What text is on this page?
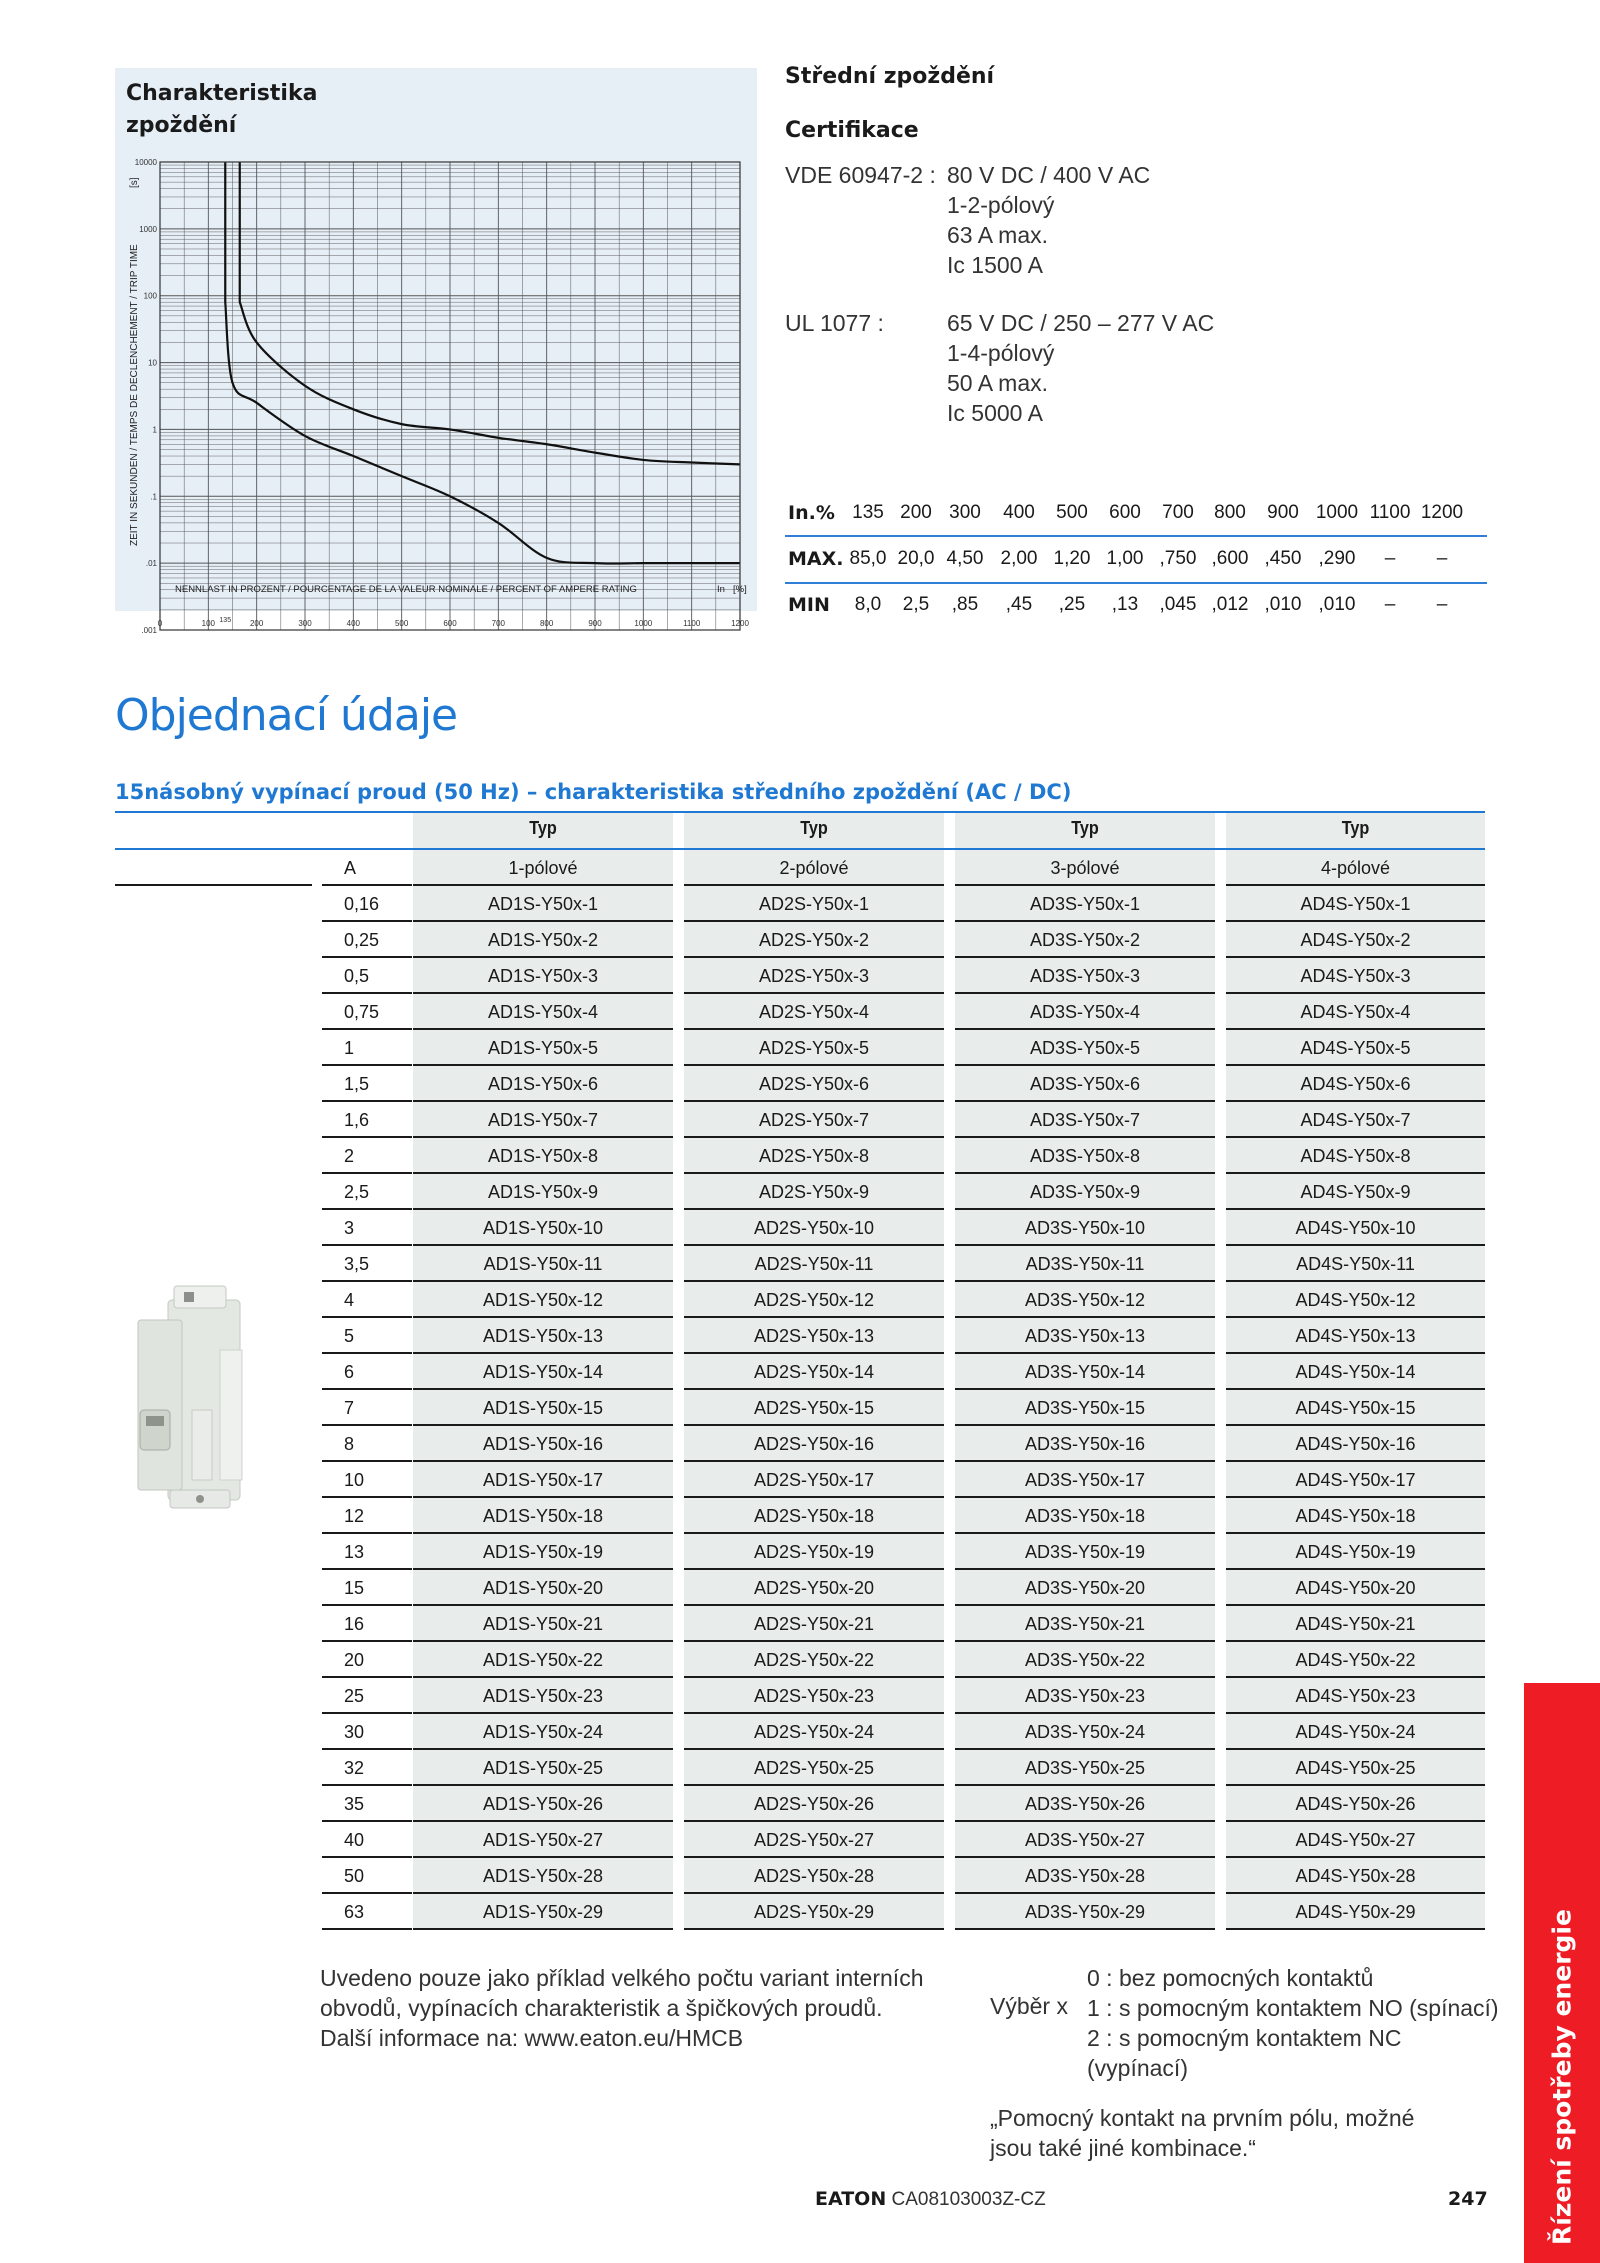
Charakteristika
zpoždění
.001
.01
.1
1
10
100
1000
10000
0	100 135 200	300	400	500	600	700	800	900	1000	1100	1200
ZEIT IN SEKUNDEN / TEMPS DE DECLENCHEMENT / TRIP TIME
[s]
NENNLAST IN PROZENT / POURCENTAGE DE LA VALEUR NOMINALE / PERCENT OF AMPERE RATING	In [%]
Střední zpoždění
Certifikace
VDE 60947-2 : 80 V DC / 400 V AC
1-2-pólový
63 A max.
Ic 1500 A
UL 1077 :	65 V DC / 250 – 277 V AC
1-4-pólový
50 A max.
Ic 5000 A
In.% 135 200 300	400	500	600	700	800	900 1000 1100 1200
MAX. 85,0 20,0 4,50 2,00 1,20 1,00 ,750 ,600 ,450 ,290	–	–
MIN	8,0	2,5	,85	,45	,25	,13	,045 ,012 ,010 ,010	–	–
Objednací údaje
15násobný vypínací proud (50 Hz) – charakteristika středního zpoždění (AC / DC)
Typ	Typ	Typ	Typ
A	1-pólové	2-pólové	3-pólové	4-pólové
0,16	AD1S-Y50x-1	AD2S-Y50x-1	AD3S-Y50x-1	AD4S-Y50x-1
0,25	AD1S-Y50x-2	AD2S-Y50x-2	AD3S-Y50x-2	AD4S-Y50x-2
0,5	AD1S-Y50x-3	AD2S-Y50x-3	AD3S-Y50x-3	AD4S-Y50x-3
0,75	AD1S-Y50x-4	AD2S-Y50x-4	AD3S-Y50x-4	AD4S-Y50x-4
1	AD1S-Y50x-5	AD2S-Y50x-5	AD3S-Y50x-5	AD4S-Y50x-5
1,5	AD1S-Y50x-6	AD2S-Y50x-6	AD3S-Y50x-6	AD4S-Y50x-6
1,6	AD1S-Y50x-7	AD2S-Y50x-7	AD3S-Y50x-7	AD4S-Y50x-7
2	AD1S-Y50x-8	AD2S-Y50x-8	AD3S-Y50x-8	AD4S-Y50x-8
2,5	AD1S-Y50x-9	AD2S-Y50x-9	AD3S-Y50x-9	AD4S-Y50x-9
3	AD1S-Y50x-10	AD2S-Y50x-10	AD3S-Y50x-10	AD4S-Y50x-10
3,5	AD1S-Y50x-11	AD2S-Y50x-11	AD3S-Y50x-11	AD4S-Y50x-11
4	AD1S-Y50x-12	AD2S-Y50x-12	AD3S-Y50x-12	AD4S-Y50x-12
5	AD1S-Y50x-13	AD2S-Y50x-13	AD3S-Y50x-13	AD4S-Y50x-13
6	AD1S-Y50x-14	AD2S-Y50x-14	AD3S-Y50x-14	AD4S-Y50x-14
7	AD1S-Y50x-15	AD2S-Y50x-15	AD3S-Y50x-15	AD4S-Y50x-15
8	AD1S-Y50x-16	AD2S-Y50x-16	AD3S-Y50x-16	AD4S-Y50x-16
10	AD1S-Y50x-17	AD2S-Y50x-17	AD3S-Y50x-17	AD4S-Y50x-17
12	AD1S-Y50x-18	AD2S-Y50x-18	AD3S-Y50x-18	AD4S-Y50x-18
13	AD1S-Y50x-19	AD2S-Y50x-19	AD3S-Y50x-19	AD4S-Y50x-19
15	AD1S-Y50x-20	AD2S-Y50x-20	AD3S-Y50x-20	AD4S-Y50x-20
16	AD1S-Y50x-21	AD2S-Y50x-21	AD3S-Y50x-21	AD4S-Y50x-21
20	AD1S-Y50x-22	AD2S-Y50x-22	AD3S-Y50x-22	AD4S-Y50x-22
25	AD1S-Y50x-23	AD2S-Y50x-23	AD3S-Y50x-23	AD4S-Y50x-23
30	AD1S-Y50x-24	AD2S-Y50x-24	AD3S-Y50x-24	AD4S-Y50x-24
32	AD1S-Y50x-25	AD2S-Y50x-25	AD3S-Y50x-25	AD4S-Y50x-25
35	AD1S-Y50x-26	AD2S-Y50x-26	AD3S-Y50x-26	AD4S-Y50x-26
40	AD1S-Y50x-27	AD2S-Y50x-27	AD3S-Y50x-27	AD4S-Y50x-27
50	AD1S-Y50x-28	AD2S-Y50x-28	AD3S-Y50x-28	AD4S-Y50x-28
63	AD1S-Y50x-29	AD2S-Y50x-29	AD3S-Y50x-29	AD4S-Y50x-29
Uvedeno pouze jako příklad velkého počtu variant interních
obvodů, vypínacích charakteristik a špičkových proudů.
Další informace na: www.eaton.eu/HMCB
Výběr x
0 : bez pomocných kontaktů
1 : s pomocným kontaktem NO (spínací)
2 : s pomocným kontaktem NC
(vypínací)
„Pomocný kontakt na prvním pólu, možné
jsou také jiné kombinace.“
EATON CA08103003Z-CZ	247 Řízení spotřeby energie
